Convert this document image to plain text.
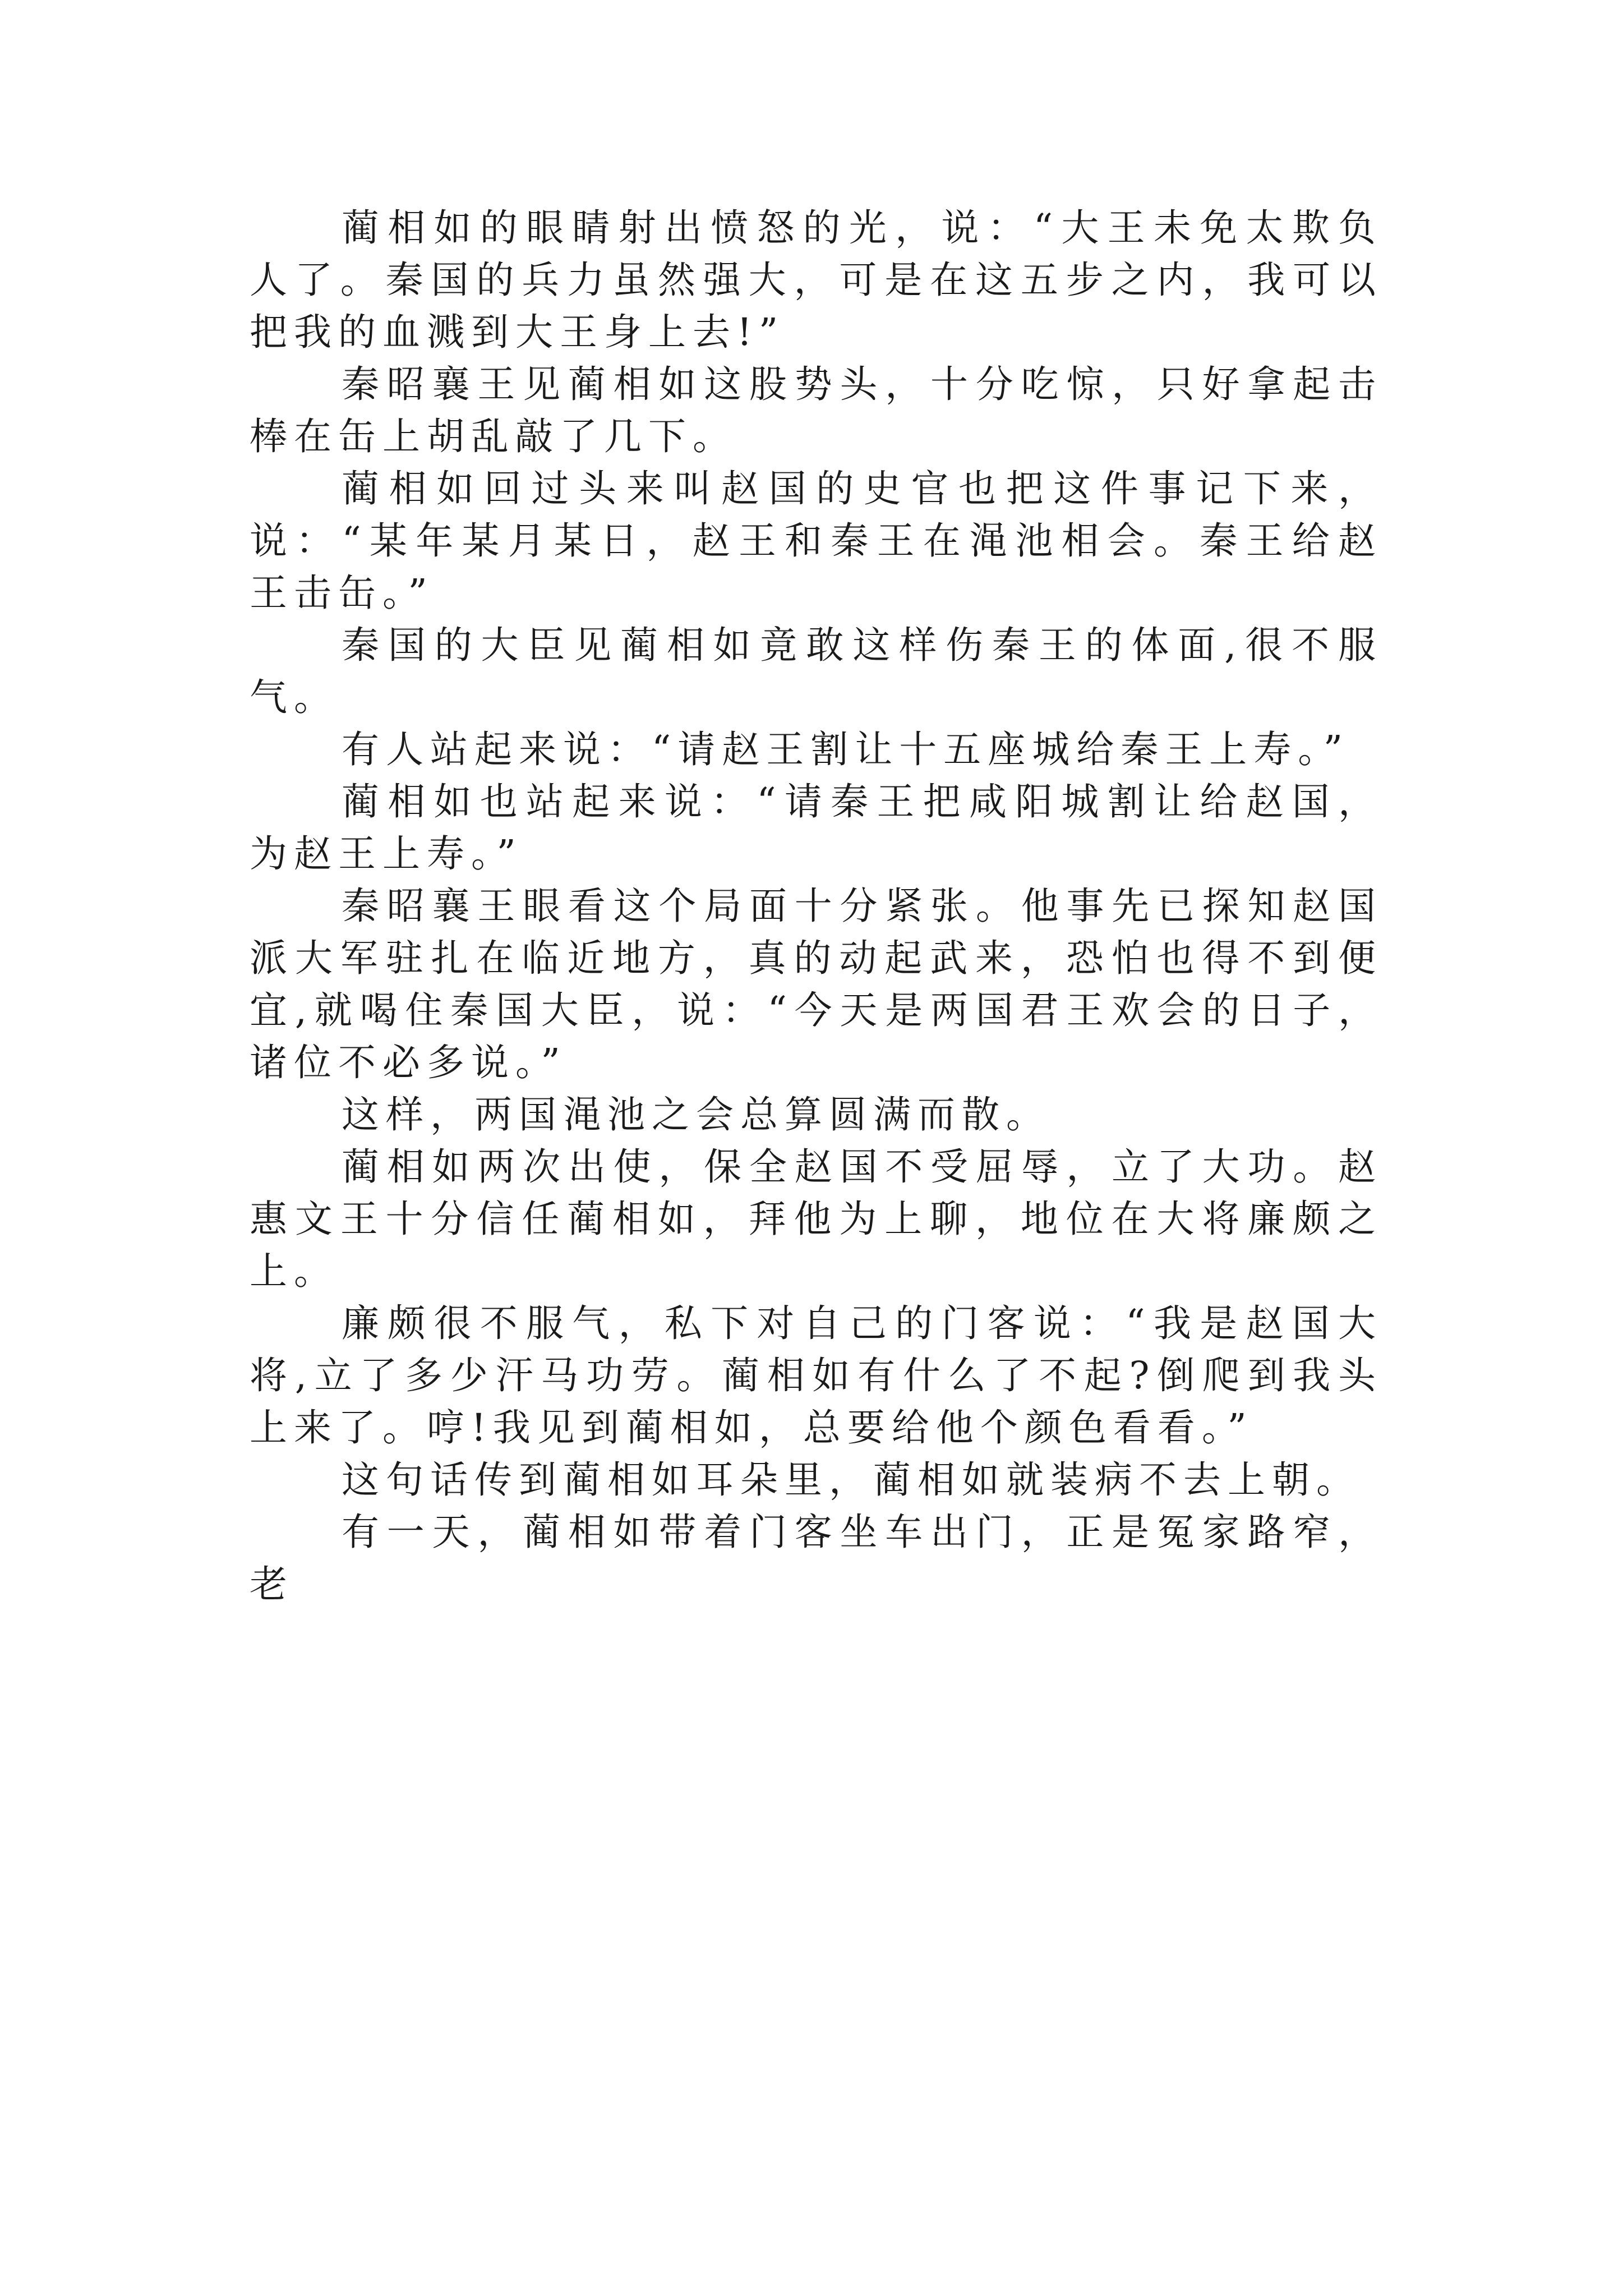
蔺相如的眼睛射出愤怒的光，说：“大王未免太欺负人了。秦国的兵力虽然强大，可是在这五步之内，我可以把我的血溅到大王身上去!”

秦昭襄王见蔺相如这股势头，十分吃惊，只好拿起击棒在缶上胡乱敲了几下。

蔺相如回过头来叫赵国的史官也把这件事记下来，说：“某年某月某日，赵王和秦王在渑池相会。秦王给赵王击缶。”

秦国的大臣见蔺相如竟敢这样伤秦王的体面,很不服气。

有人站起来说：“请赵王割让十五座城给秦王上寿。”

蔺相如也站起来说：“请秦王把咸阳城割让给赵国，为赵王上寿。”

秦昭襄王眼看这个局面十分紧张。他事先已探知赵国派大军驻扎在临近地方，真的动起武来，恐怕也得不到便宜,就喝住秦国大臣，说：“今天是两国君王欢会的日子，诸位不必多说。”

这样，两国渑池之会总算圆满而散。

蔺相如两次出使，保全赵国不受屈辱，立了大功。赵惠文王十分信任蔺相如，拜他为上聊，地位在大将廉颇之上。

廉颇很不服气，私下对自己的门客说：“我是赵国大将,立了多少汗马功劳。蔺相如有什么了不起?倒爬到我头上来了。哼!我见到蔺相如，总要给他个颜色看看。”

这句话传到蔺相如耳朵里，蔺相如就装病不去上朝。

有一天，蔺相如带着门客坐车出门，正是冤家路窄，老
